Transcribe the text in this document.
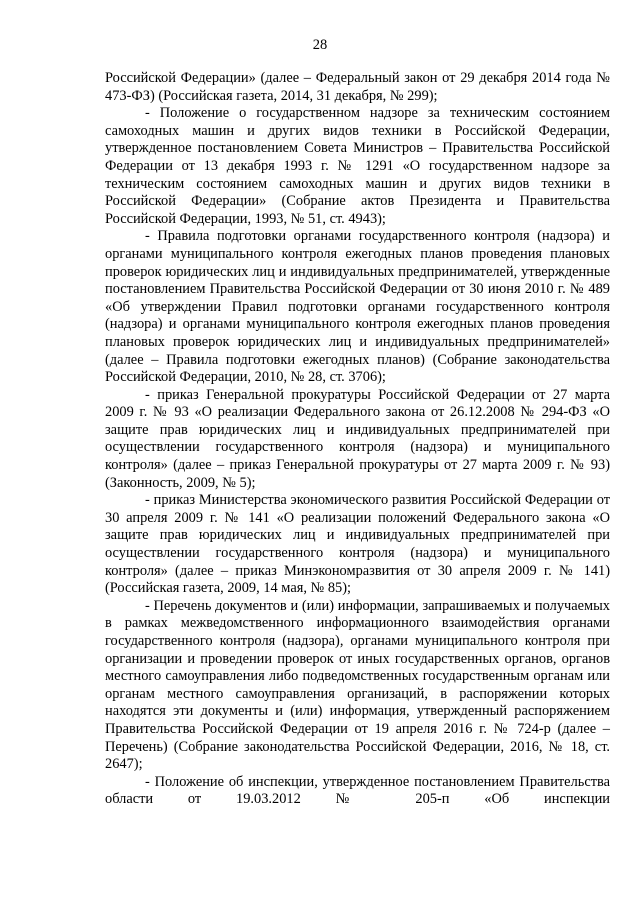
28

Российской Федерации» (далее – Федеральный закон от 29 декабря 2014 года № 473-ФЗ) (Российская газета, 2014, 31 декабря, № 299);

- Положение о государственном надзоре за техническим состоянием самоходных машин и других видов техники в Российской Федерации, утвержденное постановлением Совета Министров – Правительства Российской Федерации от 13 декабря 1993 г. № 1291 «О государственном надзоре за техническим состоянием самоходных машин и других видов техники в Российской Федерации» (Собрание актов Президента и Правительства Российской Федерации, 1993, № 51, ст. 4943);

- Правила подготовки органами государственного контроля (надзора) и органами муниципального контроля ежегодных планов проведения плановых проверок юридических лиц и индивидуальных предпринимателей, утвержденные постановлением Правительства Российской Федерации от 30 июня 2010 г. № 489 «Об утверждении Правил подготовки органами государственного контроля (надзора) и органами муниципального контроля ежегодных планов проведения плановых проверок юридических лиц и индивидуальных предпринимателей» (далее – Правила подготовки ежегодных планов) (Собрание законодательства Российской Федерации, 2010, № 28, ст. 3706);

- приказ Генеральной прокуратуры Российской Федерации от 27 марта 2009 г. № 93 «О реализации Федерального закона от 26.12.2008 № 294-ФЗ «О защите прав юридических лиц и индивидуальных предпринимателей при осуществлении государственного контроля (надзора) и муниципального контроля» (далее – приказ Генеральной прокуратуры от 27 марта 2009 г. № 93) (Законность, 2009, № 5);

- приказ Министерства экономического развития Российской Федерации от 30 апреля 2009 г. № 141 «О реализации положений Федерального закона «О защите прав юридических лиц и индивидуальных предпринимателей при осуществлении государственного контроля (надзора) и муниципального контроля» (далее – приказ Минэкономразвития от 30 апреля 2009 г. № 141) (Российская газета, 2009, 14 мая, № 85);

- Перечень документов и (или) информации, запрашиваемых и получаемых в рамках межведомственного информационного взаимодействия органами государственного контроля (надзора), органами муниципального контроля при организации и проведении проверок от иных государственных органов, органов местного самоуправления либо подведомственных государственным органам или органам местного самоуправления организаций, в распоряжении которых находятся эти документы и (или) информация, утвержденный распоряжением Правительства Российской Федерации от 19 апреля 2016 г. № 724-р (далее – Перечень) (Собрание законодательства Российской Федерации, 2016, № 18, ст. 2647);

- Положение об инспекции, утвержденное постановлением Правительства области от 19.03.2012 № 205-п «Об инспекции
